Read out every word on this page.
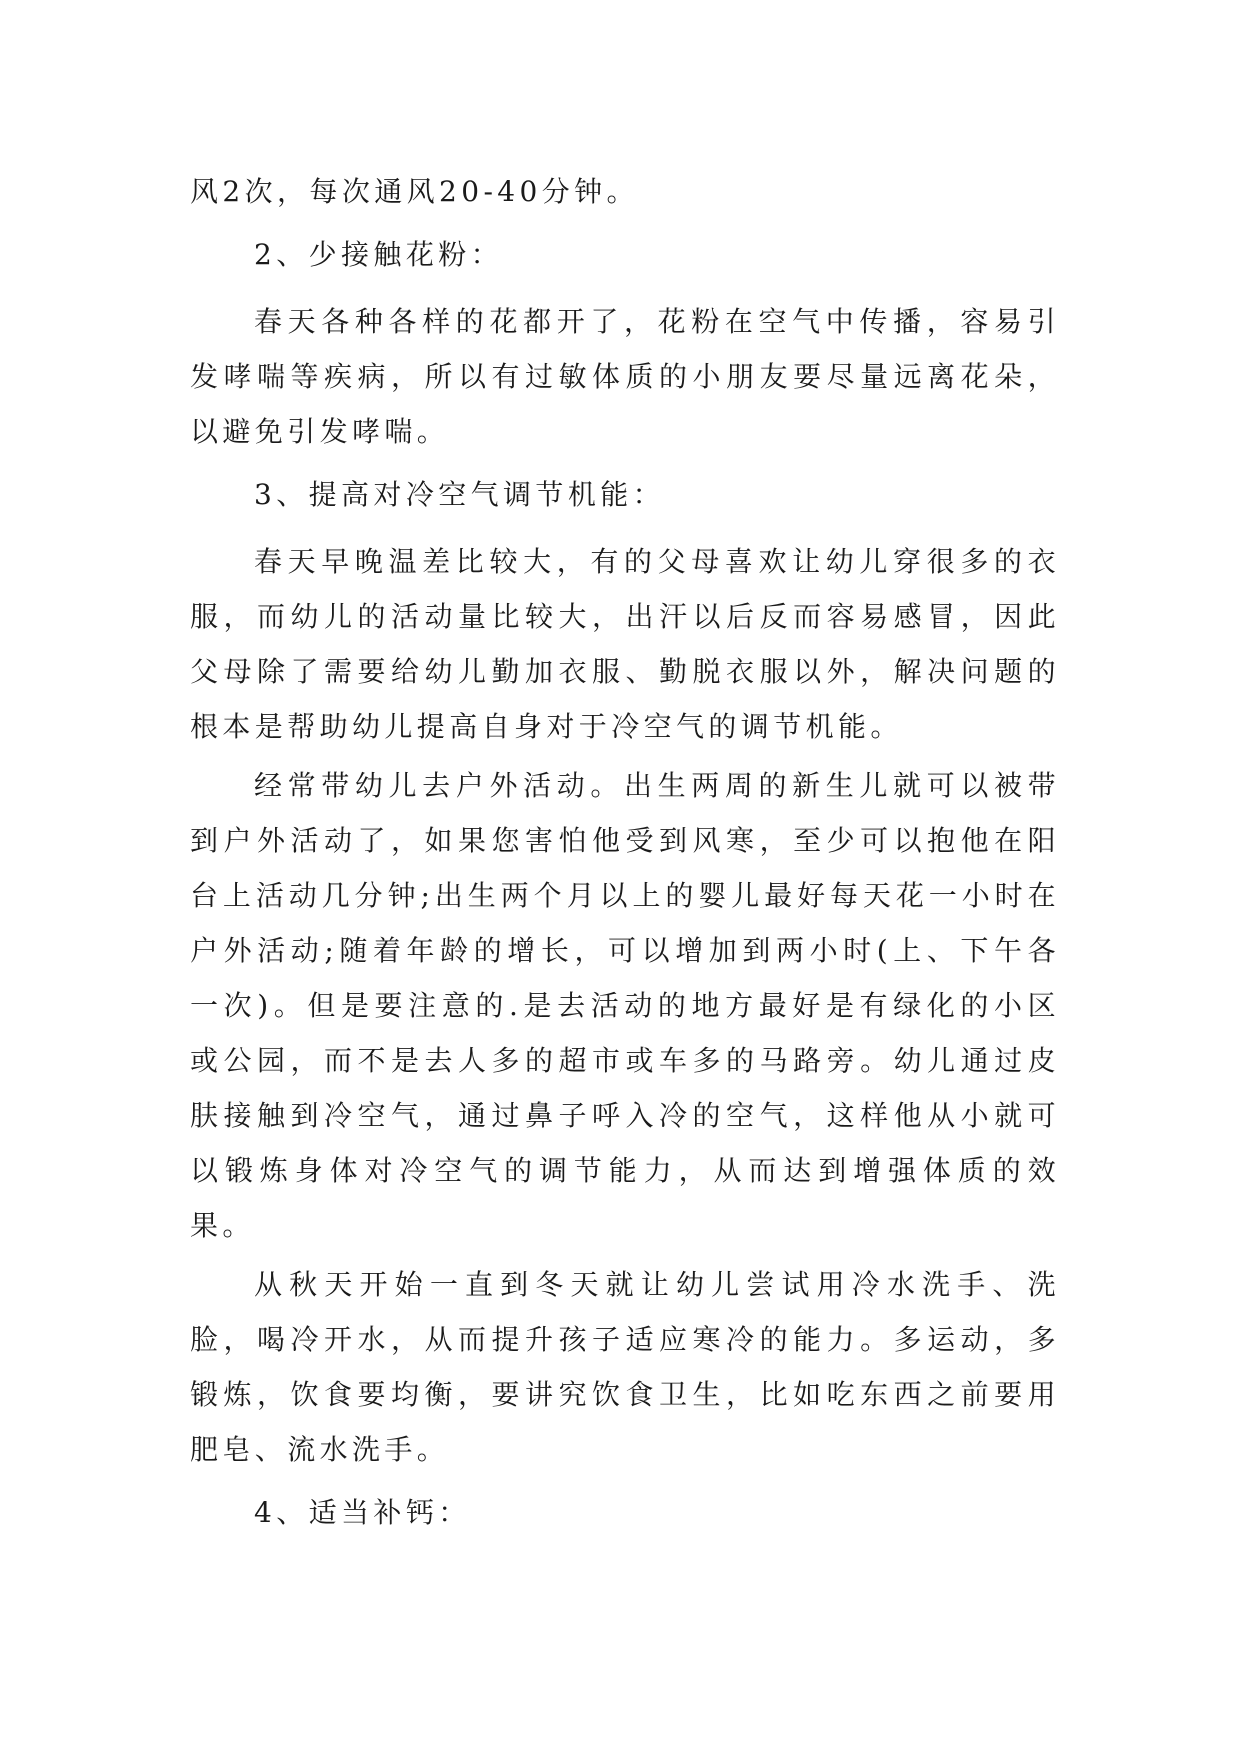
风2次，每次通风20-40分钟。

2、少接触花粉：

春天各种各样的花都开了，花粉在空气中传播，容易引发哮喘等疾病，所以有过敏体质的小朋友要尽量远离花朵，以避免引发哮喘。

3、提高对冷空气调节机能：

春天早晚温差比较大，有的父母喜欢让幼儿穿很多的衣服，而幼儿的活动量比较大，出汗以后反而容易感冒，因此父母除了需要给幼儿勤加衣服、勤脱衣服以外，解决问题的根本是帮助幼儿提高自身对于冷空气的调节机能。

经常带幼儿去户外活动。出生两周的新生儿就可以被带到户外活动了，如果您害怕他受到风寒，至少可以抱他在阳台上活动几分钟;出生两个月以上的婴儿最好每天花一小时在户外活动;随着年龄的增长，可以增加到两小时(上、下午各一次)。但是要注意的.是去活动的地方最好是有绿化的小区或公园，而不是去人多的超市或车多的马路旁。幼儿通过皮肤接触到冷空气，通过鼻子呼入冷的空气，这样他从小就可以锻炼身体对冷空气的调节能力，从而达到增强体质的效果。

从秋天开始一直到冬天就让幼儿尝试用冷水洗手、洗脸，喝冷开水，从而提升孩子适应寒冷的能力。多运动，多锻炼，饮食要均衡，要讲究饮食卫生，比如吃东西之前要用肥皂、流水洗手。

4、适当补钙：
